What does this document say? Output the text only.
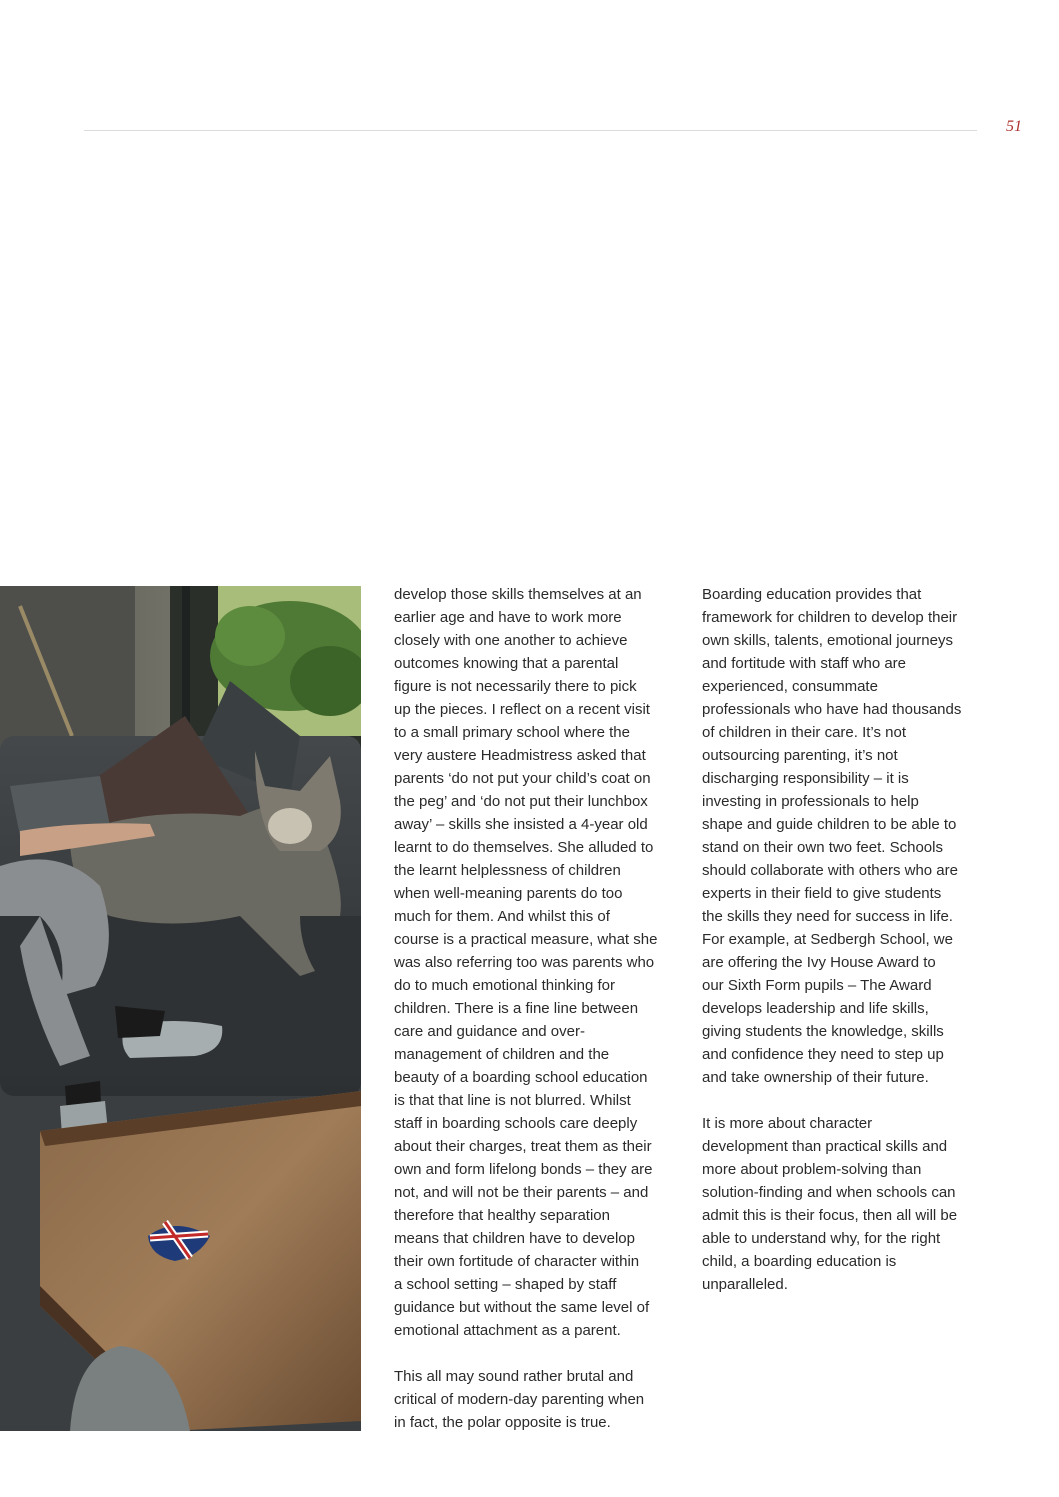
51

develop those skills themselves at an
earlier age and have to work more
closely with one another to achieve
outcomes knowing that a parental
figure is not necessarily there to pick
up the pieces. I reflect on a recent visit
to a small primary school where the
very austere Headmistress asked that
parents ‘do not put your child’s coat on
the peg’ and ‘do not put their lunchbox
away’ – skills she insisted a 4-year old
learnt to do themselves. She alluded to
the learnt helplessness of children
when well-meaning parents do too
much for them. And whilst this of
course is a practical measure, what she
was also referring too was parents who
do to much emotional thinking for
children. There is a fine line between
care and guidance and over-
management of children and the
beauty of a boarding school education
is that that line is not blurred. Whilst
staff in boarding schools care deeply
about their charges, treat them as their
own and form lifelong bonds – they are
not, and will not be their parents – and
therefore that healthy separation
means that children have to develop
their own fortitude of character within
a school setting – shaped by staff
guidance but without the same level of
emotional attachment as a parent.

This all may sound rather brutal and
critical of modern-day parenting when
in fact, the polar opposite is true.

Boarding education provides that
framework for children to develop their
own skills, talents, emotional journeys
and fortitude with staff who are
experienced, consummate
professionals who have had thousands
of children in their care. It’s not
outsourcing parenting, it’s not
discharging responsibility – it is
investing in professionals to help
shape and guide children to be able to
stand on their own two feet. Schools
should collaborate with others who are
experts in their field to give students
the skills they need for success in life.
For example, at Sedbergh School, we
are offering the Ivy House Award to
our Sixth Form pupils – The Award
develops leadership and life skills,
giving students the knowledge, skills
and confidence they need to step up
and take ownership of their future.

It is more about character
development than practical skills and
more about problem-solving than
solution-finding and when schools can
admit this is their focus, then all will be
able to understand why, for the right
child, a boarding education is
unparalleled.
